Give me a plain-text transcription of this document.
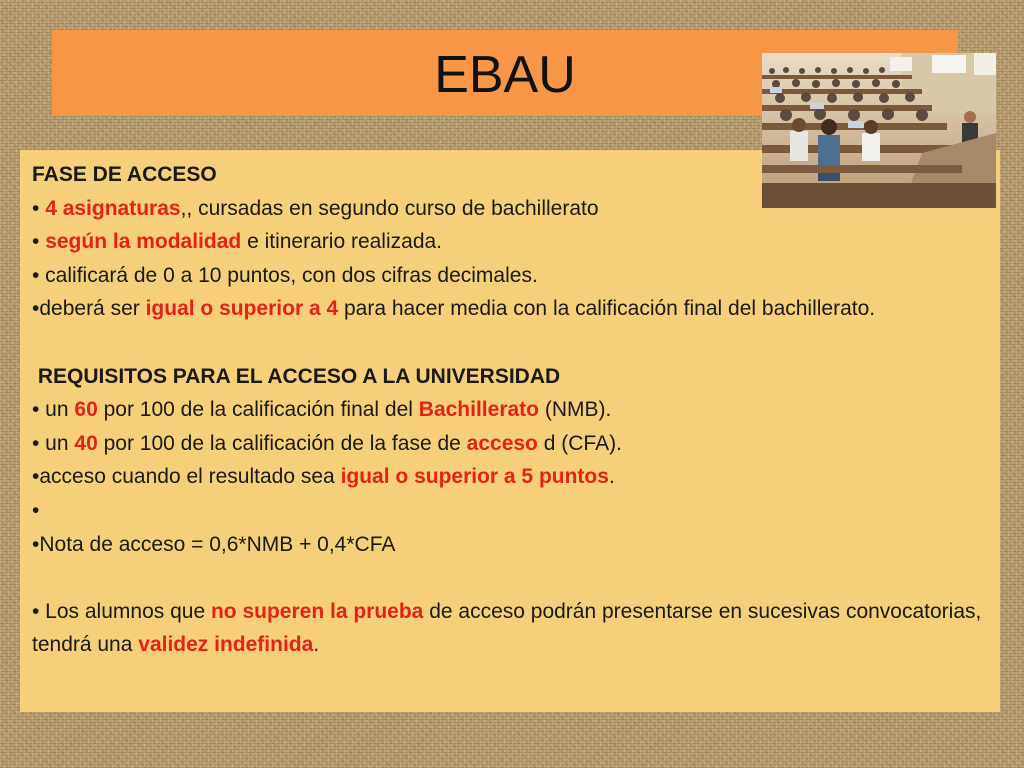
EBAU
FASE DE ACCESO
• 4 asignaturas,, cursadas en segundo curso de bachillerato
• según la modalidad e itinerario realizada.
• calificará de 0 a 10 puntos, con dos cifras decimales.
•deberá ser igual o superior a 4 para hacer media con la calificación final del bachillerato.
REQUISITOS PARA EL ACCESO A LA UNIVERSIDAD
• un 60 por 100 de la calificación final del Bachillerato (NMB).
• un 40 por 100 de la calificación de la fase de acceso d (CFA).
•acceso cuando el resultado sea igual o superior a 5 puntos.
•
•Nota de acceso = 0,6*NMB + 0,4*CFA
• Los alumnos que no superen la prueba de acceso podrán presentarse en sucesivas convocatorias, tendrá una validez indefinida.
